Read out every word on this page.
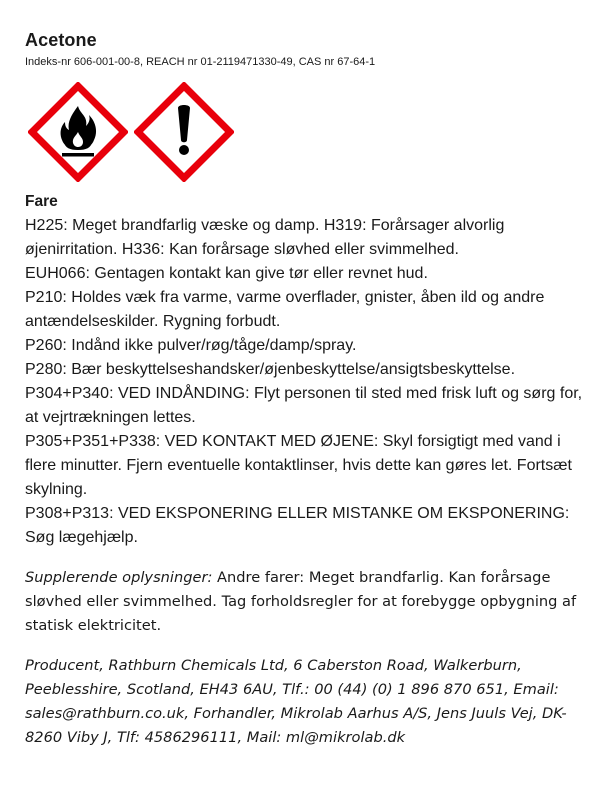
Acetone

Indeks-nr 606-001-00-8, REACH nr 01-2119471330-49, CAS nr 67-64-1

Fare

H225: Meget brandfarlig væske og damp. H319: Forårsager alvorlig øjenirritation. H336: Kan forårsage sløvhed eller svimmelhed.

EUH066: Gentagen kontakt kan give tør eller revnet hud.

P210: Holdes væk fra varme, varme overflader, gnister, åben ild og andre antændelseskilder. Rygning forbudt.

P260: Indånd ikke pulver/røg/tåge/damp/spray.

P280: Bær beskyttelseshandsker/øjenbeskyttelse/ansigtsbeskyttelse.

P304+P340: VED INDÅNDING: Flyt personen til sted med frisk luft og sørg for, at vejrtrækningen lettes.

P305+P351+P338: VED KONTAKT MED ØJENE: Skyl forsigtigt med vand i flere minutter. Fjern eventuelle kontaktlinser, hvis dette kan gøres let. Fortsæt skylning.

P308+P313: VED EKSPONERING ELLER MISTANKE OM EKSPONERING: Søg lægehjælp.

Supplerende oplysninger: Andre farer: Meget brandfarlig. Kan forårsage sløvhed eller svimmelhed. Tag forholdsregler for at forebygge opbygning af statisk elektricitet.

Producent, Rathburn Chemicals Ltd, 6 Caberston Road, Walkerburn, Peeblesshire, Scotland, EH43 6AU, Tlf.: 00 (44) (0) 1 896 870 651, Email: sales@rathburn.co.uk, Forhandler, Mikrolab Aarhus A/S, Jens Juuls Vej, DK-8260 Viby J, Tlf: 4586296111, Mail: ml@mikrolab.dk
